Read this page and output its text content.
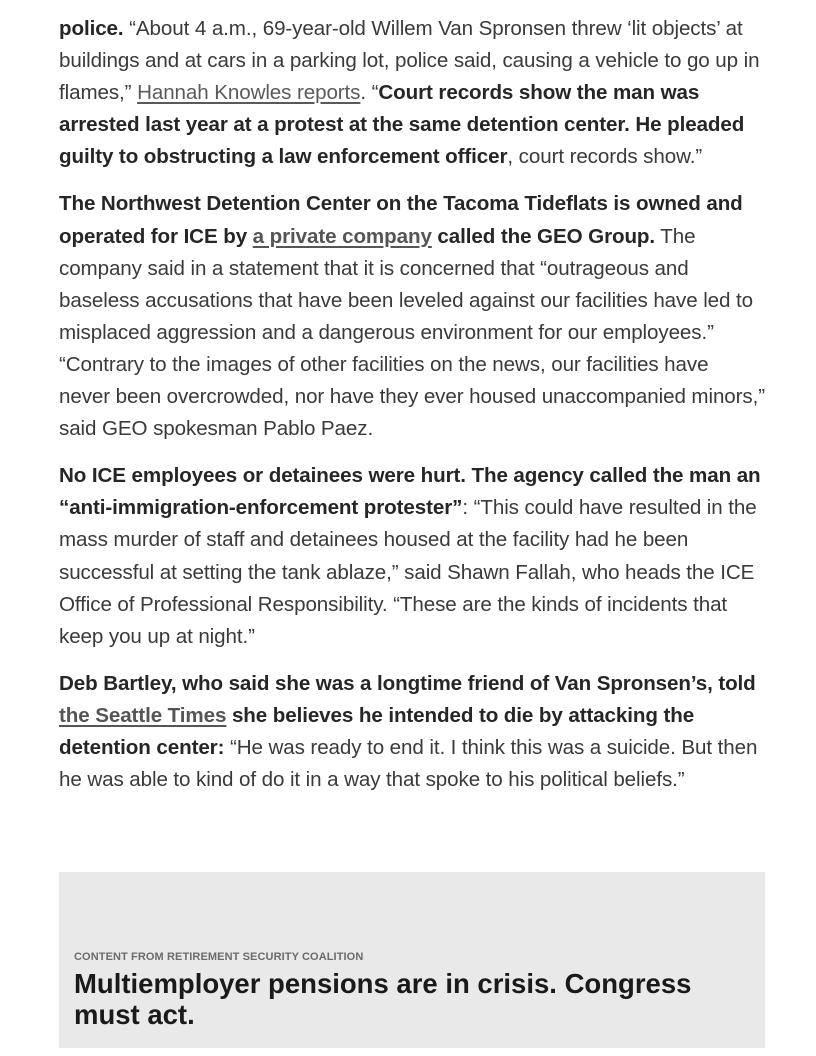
police. “About 4 a.m., 69-year-old Willem Van Spronsen threw ‘lit objects’ at buildings and at cars in a parking lot, police said, causing a vehicle to go up in flames,” Hannah Knowles reports. “Court records show the man was arrested last year at a protest at the same detention center. He pleaded guilty to obstructing a law enforcement officer, court records show.”

The Northwest Detention Center on the Tacoma Tideflats is owned and operated for ICE by a private company called the GEO Group. The company said in a statement that it is concerned that “outrageous and baseless accusations that have been leveled against our facilities have led to misplaced aggression and a dangerous environment for our employees.” “Contrary to the images of other facilities on the news, our facilities have never been overcrowded, nor have they ever housed unaccompanied minors,” said GEO spokesman Pablo Paez.

No ICE employees or detainees were hurt. The agency called the man an “anti-immigration-enforcement protester”: “This could have resulted in the mass murder of staff and detainees housed at the facility had he been successful at setting the tank ablaze,” said Shawn Fallah, who heads the ICE Office of Professional Responsibility. “These are the kinds of incidents that keep you up at night.”

Deb Bartley, who said she was a longtime friend of Van Spronsen’s, told the Seattle Times she believes he intended to die by attacking the detention center: “He was ready to end it. I think this was a suicide. But then he was able to kind of do it in a way that spoke to his political beliefs.”

CONTENT FROM RETIREMENT SECURITY COALITION
Multiemployer pensions are in crisis. Congress must act.
